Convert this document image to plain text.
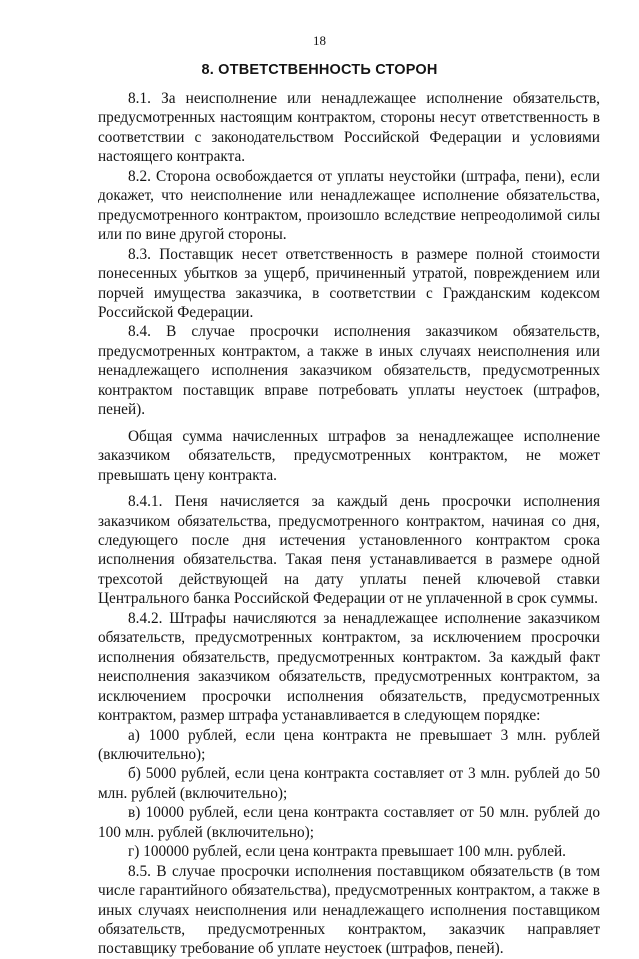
18
8. ОТВЕТСТВЕННОСТЬ СТОРОН

8.1. За неисполнение или ненадлежащее исполнение обязательств, предусмотренных настоящим контрактом, стороны несут ответственность в соответствии с законодательством Российской Федерации и условиями настоящего контракта.

8.2. Сторона освобождается от уплаты неустойки (штрафа, пени), если докажет, что неисполнение или ненадлежащее исполнение обязательства, предусмотренного контрактом, произошло вследствие непреодолимой силы или по вине другой стороны.

8.3. Поставщик несет ответственность в размере полной стоимости понесенных убытков за ущерб, причиненный утратой, повреждением или порчей имущества заказчика, в соответствии с Гражданским кодексом Российской Федерации.

8.4. В случае просрочки исполнения заказчиком обязательств, предусмотренных контрактом, а также в иных случаях неисполнения или ненадлежащего исполнения заказчиком обязательств, предусмотренных контрактом поставщик вправе потребовать уплаты неустоек (штрафов, пеней).

Общая сумма начисленных штрафов за ненадлежащее исполнение заказчиком обязательств, предусмотренных контрактом, не может превышать цену контракта.

8.4.1. Пеня начисляется за каждый день просрочки исполнения заказчиком обязательства, предусмотренного контрактом, начиная со дня, следующего после дня истечения установленного контрактом срока исполнения обязательства. Такая пеня устанавливается в размере одной трехсотой действующей на дату уплаты пеней ключевой ставки Центрального банка Российской Федерации от не уплаченной в срок суммы.

8.4.2. Штрафы начисляются за ненадлежащее исполнение заказчиком обязательств, предусмотренных контрактом, за исключением просрочки исполнения обязательств, предусмотренных контрактом. За каждый факт неисполнения заказчиком обязательств, предусмотренных контрактом, за исключением просрочки исполнения обязательств, предусмотренных контрактом, размер штрафа устанавливается в следующем порядке:

а) 1000 рублей, если цена контракта не превышает 3 млн. рублей (включительно);

б) 5000 рублей, если цена контракта составляет от 3 млн. рублей до 50 млн. рублей (включительно);

в) 10000 рублей, если цена контракта составляет от 50 млн. рублей до 100 млн. рублей (включительно);

г) 100000 рублей, если цена контракта превышает 100 млн. рублей.

8.5. В случае просрочки исполнения поставщиком обязательств (в том числе гарантийного обязательства), предусмотренных контрактом, а также в иных случаях неисполнения или ненадлежащего исполнения поставщиком обязательств, предусмотренных контрактом, заказчик направляет поставщику требование об уплате неустоек (штрафов, пеней).
